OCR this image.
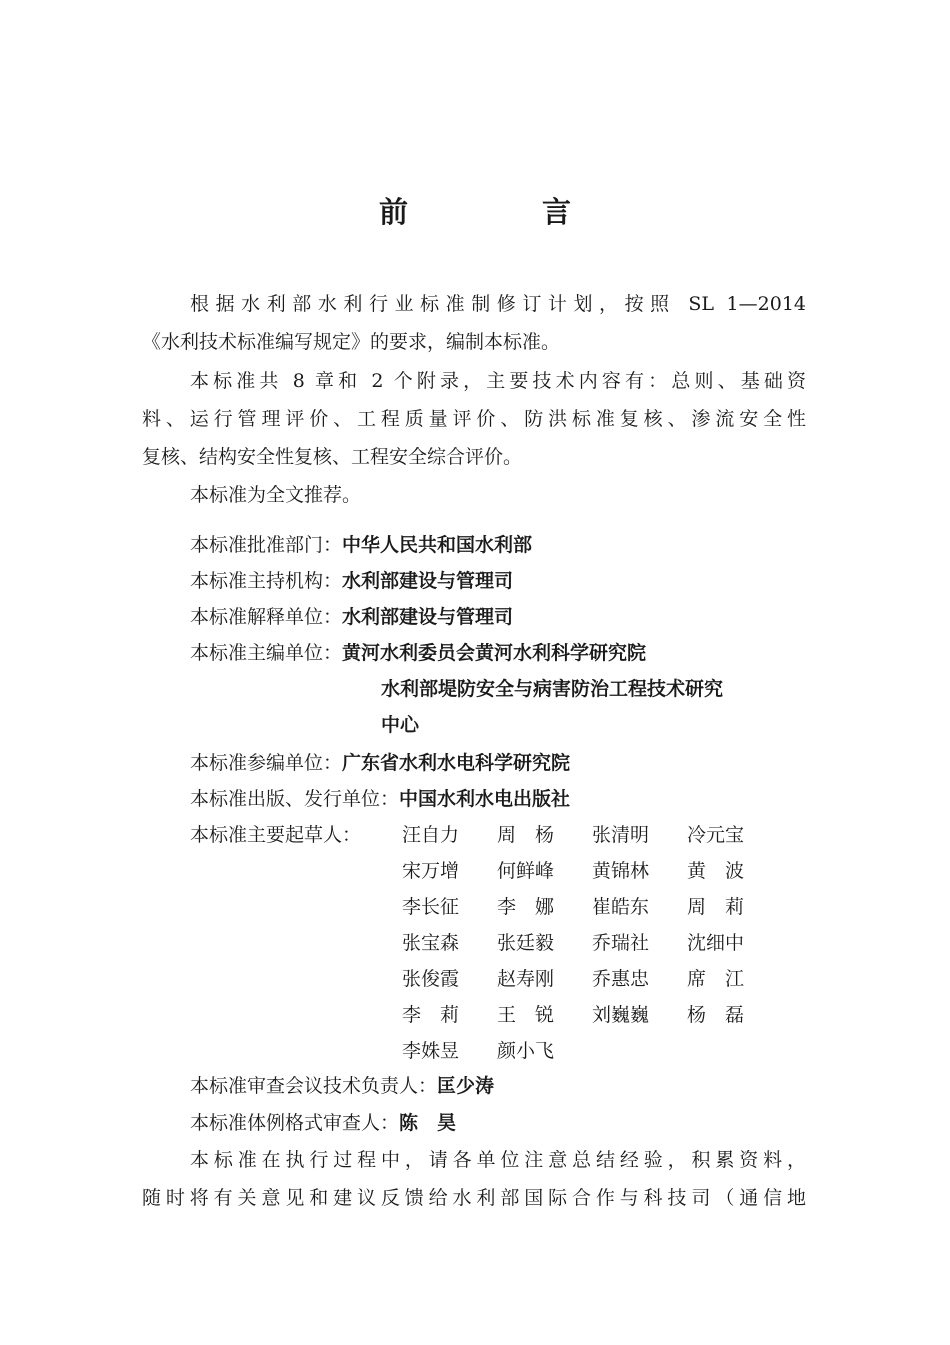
前 言
根据水利部水利行业标准制修订计划，按照 SL 1—2014
《水利技术标准编写规定》的要求，编制本标准。
本标准共 8 章和 2 个附录，主要技术内容有：总则、基础资
料、运行管理评价、工程质量评价、防洪标准复核、渗流安全性
复核、结构安全性复核、工程安全综合评价。
本标准为全文推荐。
本标准批准部门：中华人民共和国水利部
本标准主持机构：水利部建设与管理司
本标准解释单位：水利部建设与管理司
本标准主编单位：黄河水利委员会黄河水利科学研究院
水利部堤防安全与病害防治工程技术研究
中心
本标准参编单位：广东省水利水电科学研究院
本标准出版、发行单位：中国水利水电出版社
本标准主要起草人： 汪自力	周　杨	张清明	冷元宝
宋万增	何鲜峰	黄锦林	黄　波
李长征	李　娜	崔皓东	周　莉
张宝森	张廷毅	乔瑞社	沈细中
张俊霞	赵寿刚	乔惠忠	席　江
李　莉	王　锐	刘巍巍	杨　磊
李姝昱	颜小飞
本标准审查会议技术负责人：匡少涛
本标准体例格式审查人：陈　昊
本标准在执行过程中，请各单位注意总结经验，积累资料，
随时将有关意见和建议反馈给水利部国际合作与科技司（通信地
